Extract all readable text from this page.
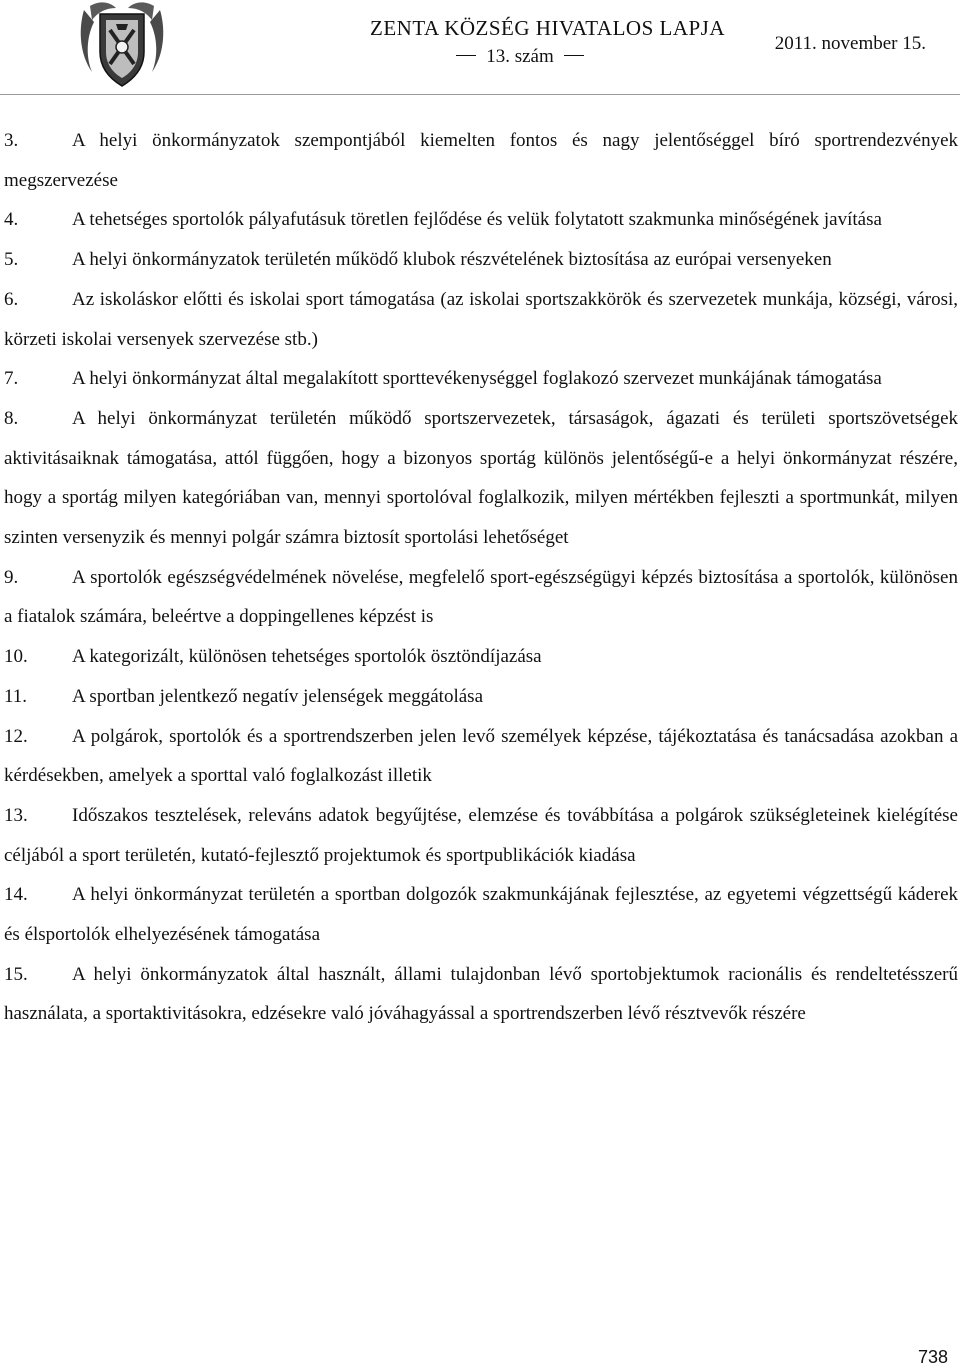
ZENTA KÖZSÉG HIVATALOS LAPJA
13. szám
2011. november 15.

3.	A helyi önkormányzatok szempontjából kiemelten fontos és nagy jelentőséggel bíró sportrendezvények megszervezése

4.	A tehetséges sportolók pályafutásuk töretlen fejlődése és velük folytatott szakmunka minőségének javítása

5.	A helyi önkormányzatok területén működő klubok részvételének biztosítása az európai versenyeken

6.	Az iskoláskor előtti és iskolai sport támogatása (az iskolai sportszakkörök és szervezetek munkája, községi, városi, körzeti iskolai versenyek szervezése stb.)

7.	A helyi önkormányzat által megalakított sporttevékenységgel foglakozó szervezet munkájának támogatása

8.	A helyi önkormányzat területén működő sportszervezetek, társaságok, ágazati és területi sportszövetségek aktivitásaiknak támogatása, attól függően, hogy a bizonyos sportág különös jelentőségű-e a helyi önkormányzat részére, hogy a sportág milyen kategóriában van, mennyi sportolóval foglalkozik, milyen mértékben fejleszti a sportmunkát, milyen szinten versenyzik és mennyi polgár számra biztosít sportolási lehetőséget

9.	A sportolók egészségvédelmének növelése, megfelelő sport-egészségügyi képzés biztosítása a sportolók, különösen a fiatalok számára, beleértve a doppingellenes képzést is

10. A kategorizált, különösen tehetséges sportolók ösztöndíjazása

11. A sportban jelentkező negatív jelenségek meggátolása

12. A polgárok, sportolók és a sportrendszerben jelen levő személyek képzése, tájékoztatása és tanácsadása azokban a kérdésekben, amelyek a sporttal való foglalkozást illetik

13. Időszakos tesztelések, releváns adatok begyűjtése, elemzése és továbbítása a polgárok szükségleteinek kielégítése céljából a sport területén, kutató-fejlesztő projektumok és sportpublikációk kiadása

14. A helyi önkormányzat területén a sportban dolgozók szakmunkájának fejlesztése, az egyetemi végzettségű káderek és élsportolók elhelyezésének támogatása

15. A helyi önkormányzatok által használt, állami tulajdonban lévő sportobjektumok racionális és rendeltetésszerű használata, a sportaktivitásokra, edzésekre való jóváhagyással a sportrendszerben lévő résztvevők részére

738
